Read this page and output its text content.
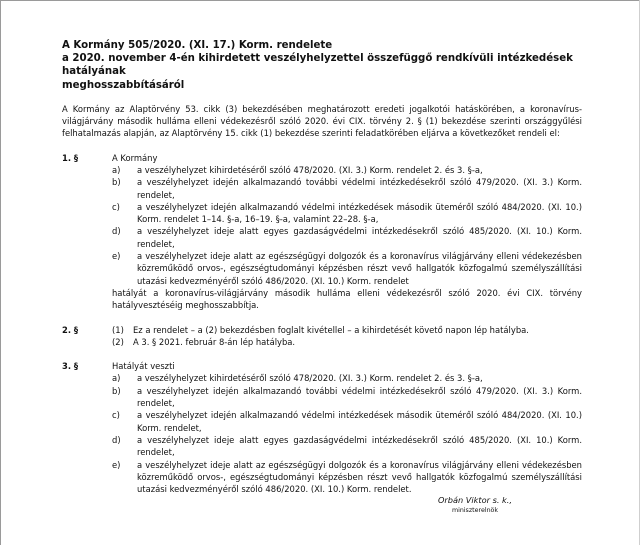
A Kormány 505/2020. (XI. 17.) Korm. rendelete
a 2020. november 4-én kihirdetett veszélyhelyzettel összefüggő rendkívüli intézkedések hatályának
meghosszabbításáról

A Kormány az Alaptörvény 53. cikk (3) bekezdésében meghatározott eredeti jogalkotói hatáskörében, a koronavírus-világjárvány második hulláma elleni védekezésről szóló 2020. évi CIX. törvény 2. § (1) bekezdése szerinti országgyűlési felhatalmazás alapján, az Alaptörvény 15. cikk (1) bekezdése szerinti feladatkörében eljárva a következőket rendeli el:

1. §	A Kormány
a)	a veszélyhelyzet kihirdetéséről szóló 478/2020. (XI. 3.) Korm. rendelet 2. és 3. §-a,
b)	a veszélyhelyzet idején alkalmazandó további védelmi intézkedésekről szóló 479/2020. (XI. 3.) Korm. rendelet,
c)	a veszélyhelyzet idején alkalmazandó védelmi intézkedések második üteméről szóló 484/2020. (XI. 10.) Korm. rendelet 1–14. §-a, 16–19. §-a, valamint 22–28. §-a,
d)	a veszélyhelyzet ideje alatt egyes gazdaságvédelmi intézkedésekről szóló 485/2020. (XI. 10.) Korm. rendelet,
e)	a veszélyhelyzet ideje alatt az egészségügyi dolgozók és a koronavírus világjárvány elleni védekezésben közreműködő orvos-, egészségtudományi képzésben részt vevő hallgatók közfogalmú személyszállítási utazási kedvezményéről szóló 486/2020. (XI. 10.) Korm. rendelet
hatályát a koronavírus-világjárvány második hulláma elleni védekezésről szóló 2020. évi CIX. törvény hatályvesztéséig meghosszabbítja.
2. §	(1)	Ez a rendelet – a (2) bekezdésben foglalt kivétellel – a kihirdetését követő napon lép hatályba.
(2)	A 3. § 2021. február 8-án lép hatályba.
3. §	Hatályát veszti
a)	a veszélyhelyzet kihirdetéséről szóló 478/2020. (XI. 3.) Korm. rendelet 2. és 3. §-a,
b)	a veszélyhelyzet idején alkalmazandó további védelmi intézkedésekről szóló 479/2020. (XI. 3.) Korm. rendelet,
c)	a veszélyhelyzet idején alkalmazandó védelmi intézkedések második üteméről szóló 484/2020. (XI. 10.) Korm. rendelet,
d)	a veszélyhelyzet ideje alatt egyes gazdaságvédelmi intézkedésekről szóló 485/2020. (XI. 10.) Korm. rendelet,
e)	a veszélyhelyzet ideje alatt az egészségügyi dolgozók és a koronavírus világjárvány elleni védekezésben közreműködő orvos-, egészségtudományi képzésben részt vevő hallgatók közfogalmú személyszállítási utazási kedvezményéről szóló 486/2020. (XI. 10.) Korm. rendelet.
Orbán Viktor s. k.,
miniszterelnök
